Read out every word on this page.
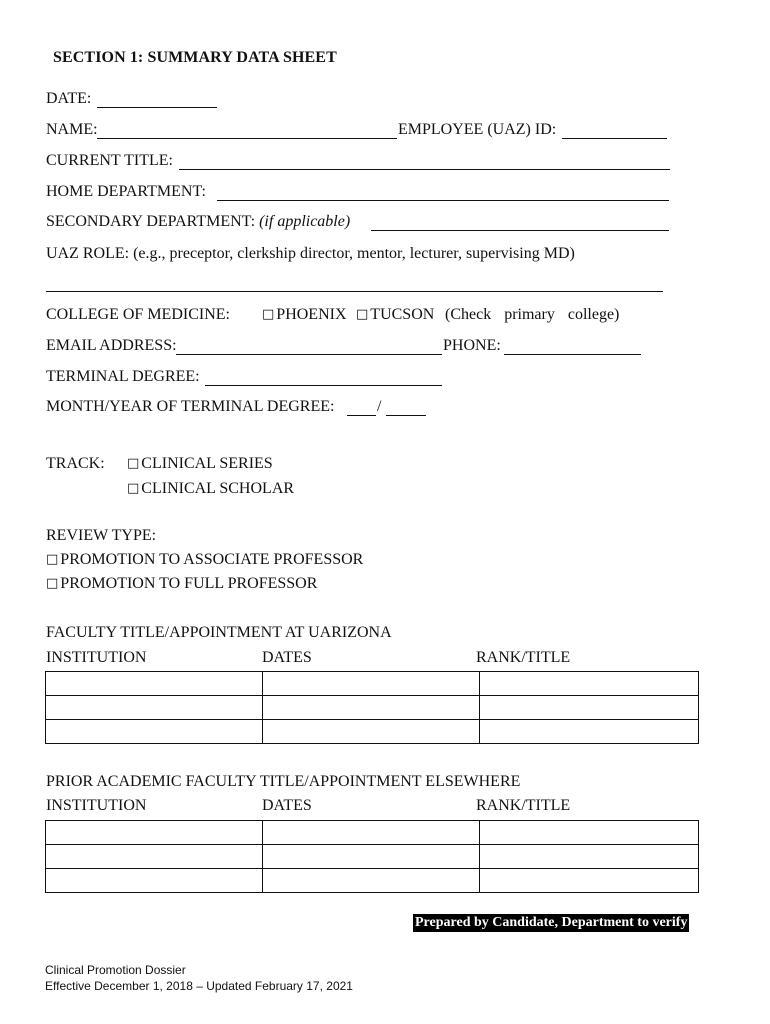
SECTION 1: SUMMARY DATA SHEET
DATE:
NAME:	EMPLOYEE (UAZ) ID:
CURRENT TITLE:
HOME DEPARTMENT:
SECONDARY DEPARTMENT: (if applicable)
UAZ ROLE: (e.g., preceptor, clerkship director, mentor, lecturer, supervising MD)
COLLEGE OF MEDICINE: □ PHOENIX □ TUCSON (Check primary college)
EMAIL ADDRESS:	PHONE:
TERMINAL DEGREE:
MONTH/YEAR OF TERMINAL DEGREE:	/
TRACK: □ CLINICAL SERIES
□ CLINICAL SCHOLAR
REVIEW TYPE:
□ PROMOTION TO ASSOCIATE PROFESSOR
□ PROMOTION TO FULL PROFESSOR
FACULTY TITLE/APPOINTMENT AT UARIZONA
INSTITUTION	DATES	RANK/TITLE

PRIOR ACADEMIC FACULTY TITLE/APPOINTMENT ELSEWHERE
INSTITUTION	DATES	RANK/TITLE

Prepared by Candidate, Department to verify
Clinical Promotion Dossier
Effective December 1, 2018 – Updated February 17, 2021
